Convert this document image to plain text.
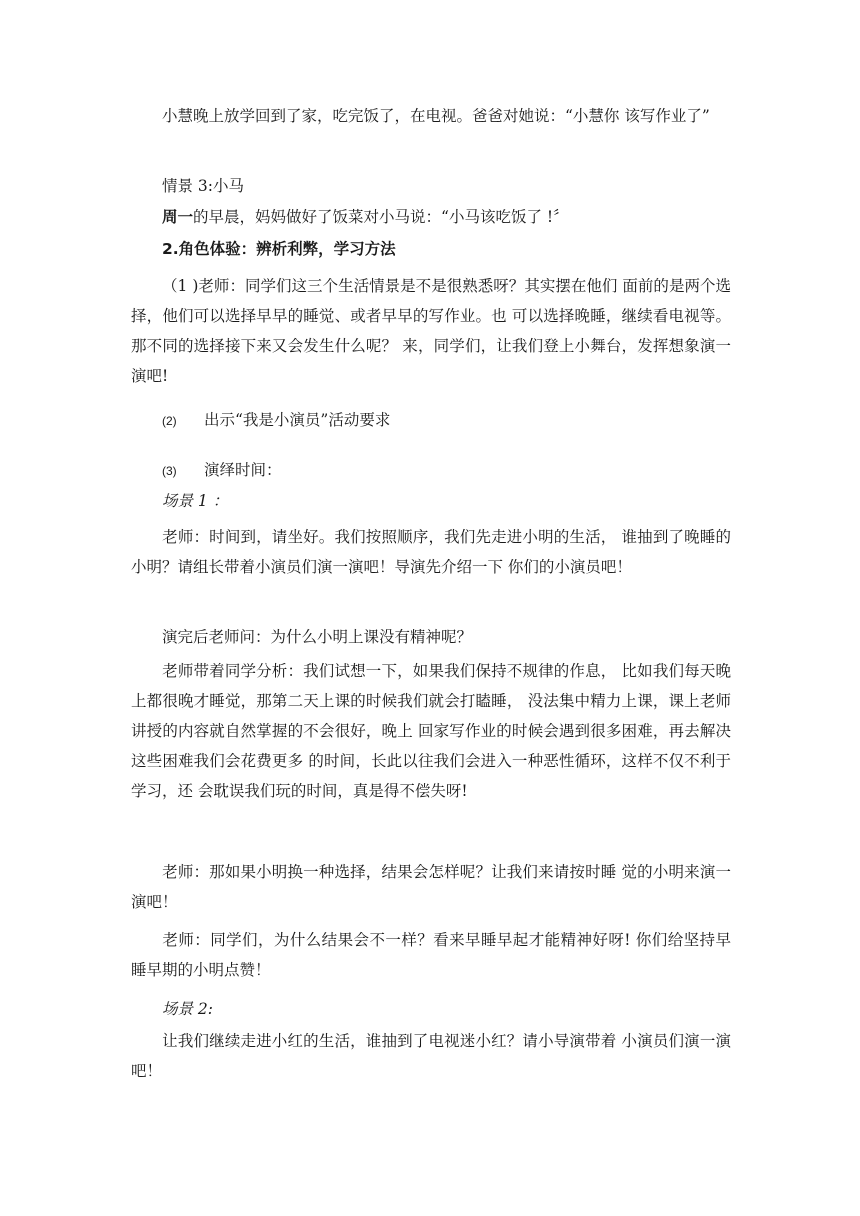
小慧晚上放学回到了家，吃完饭了，在电视。爸爸对她说：“小慧你 该写作业了”

情景 3:小马

周一的早晨，妈妈做好了饭菜对小马说：“小马该吃饭了 !〞

2.角色体验：辨析利弊，学习方法

（1 )老师：同学们这三个生活情景是不是很熟悉呀？其实摆在他们 面前的是两个选择，他们可以选择早早的睡觉、或者早早的写作业。也 可以选择晚睡，继续看电视等。那不同的选择接下来又会发生什么呢？ 来，同学们，让我们登上小舞台，发挥想象演一演吧!

(2) 出示“我是小演员”活动要求

(3) 演绎时间：

场景 1 ：

老师：时间到，请坐好。我们按照顺序，我们先走进小明的生活， 谁抽到了晚睡的小明？请组长带着小演员们演一演吧！导演先介绍一下 你们的小演员吧！

演完后老师问：为什么小明上课没有精神呢？

老师带着同学分析：我们试想一下，如果我们保持不规律的作息， 比如我们每天晚上都很晚才睡觉，那第二天上课的时候我们就会打瞌睡， 没法集中精力上课，课上老师讲授的内容就自然掌握的不会很好，晚上 回家写作业的时候会遇到很多困难，再去解决这些困难我们会花费更多 的时间，长此以往我们会进入一种恶性循环，这样不仅不利于学习，还 会耽误我们玩的时间，真是得不偿失呀!

老师：那如果小明换一种选择，结果会怎样呢？让我们来请按时睡 觉的小明来演一演吧！

老师：同学们，为什么结果会不一样？看来早睡早起才能精神好呀! 你们给坚持早睡早期的小明点赞！

场景 2:

让我们继续走进小红的生活，谁抽到了电视迷小红？请小导演带着 小演员们演一演吧！
